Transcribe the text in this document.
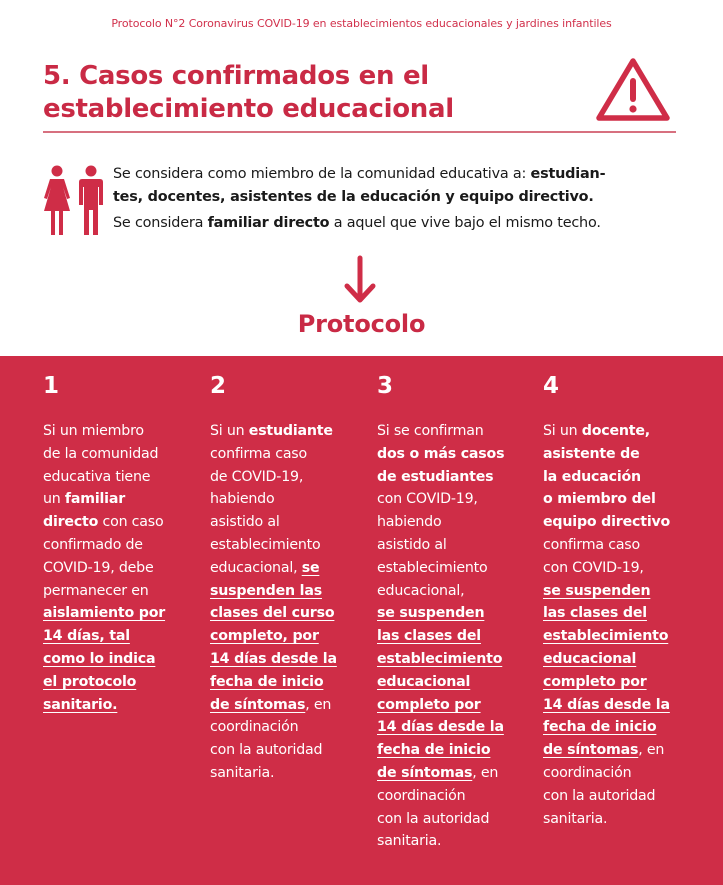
Protocolo N°2 Coronavirus COVID-19 en establecimientos educacionales y jardines infantiles
5. Casos confirmados en el
establecimiento educacional

Se considera como miembro de la comunidad educativa a: estudian-
tes, docentes, asistentes de la educación y equipo directivo.

Se considera familiar directo a aquel que vive bajo el mismo techo.

Protocolo
1
Si un miembro
de la comunidad
educativa tiene
un familiar
directo con caso
confirmado de
COVID-19, debe
permanecer en
aislamiento por
14 días, tal
como lo indica
el protocolo
sanitario.
2
Si un estudiante
confirma caso
de COVID-19,
habiendo
asistido al
establecimiento
educacional, se
suspenden las
clases del curso
completo, por
14 días desde la
fecha de inicio
de síntomas, en
coordinación
con la autoridad
sanitaria.
3
Si se confirman
dos o más casos
de estudiantes
con COVID-19,
habiendo
asistido al
establecimiento
educacional,
se suspenden
las clases del
establecimiento
educacional
completo por
14 días desde la
fecha de inicio
de síntomas, en
coordinación
con la autoridad
sanitaria.
4
Si un docente,
asistente de
la educación
o miembro del
equipo directivo
confirma caso
con COVID-19,
se suspenden
las clases del
establecimiento
educacional
completo por
14 días desde la
fecha de inicio
de síntomas, en
coordinación
con la autoridad
sanitaria.
